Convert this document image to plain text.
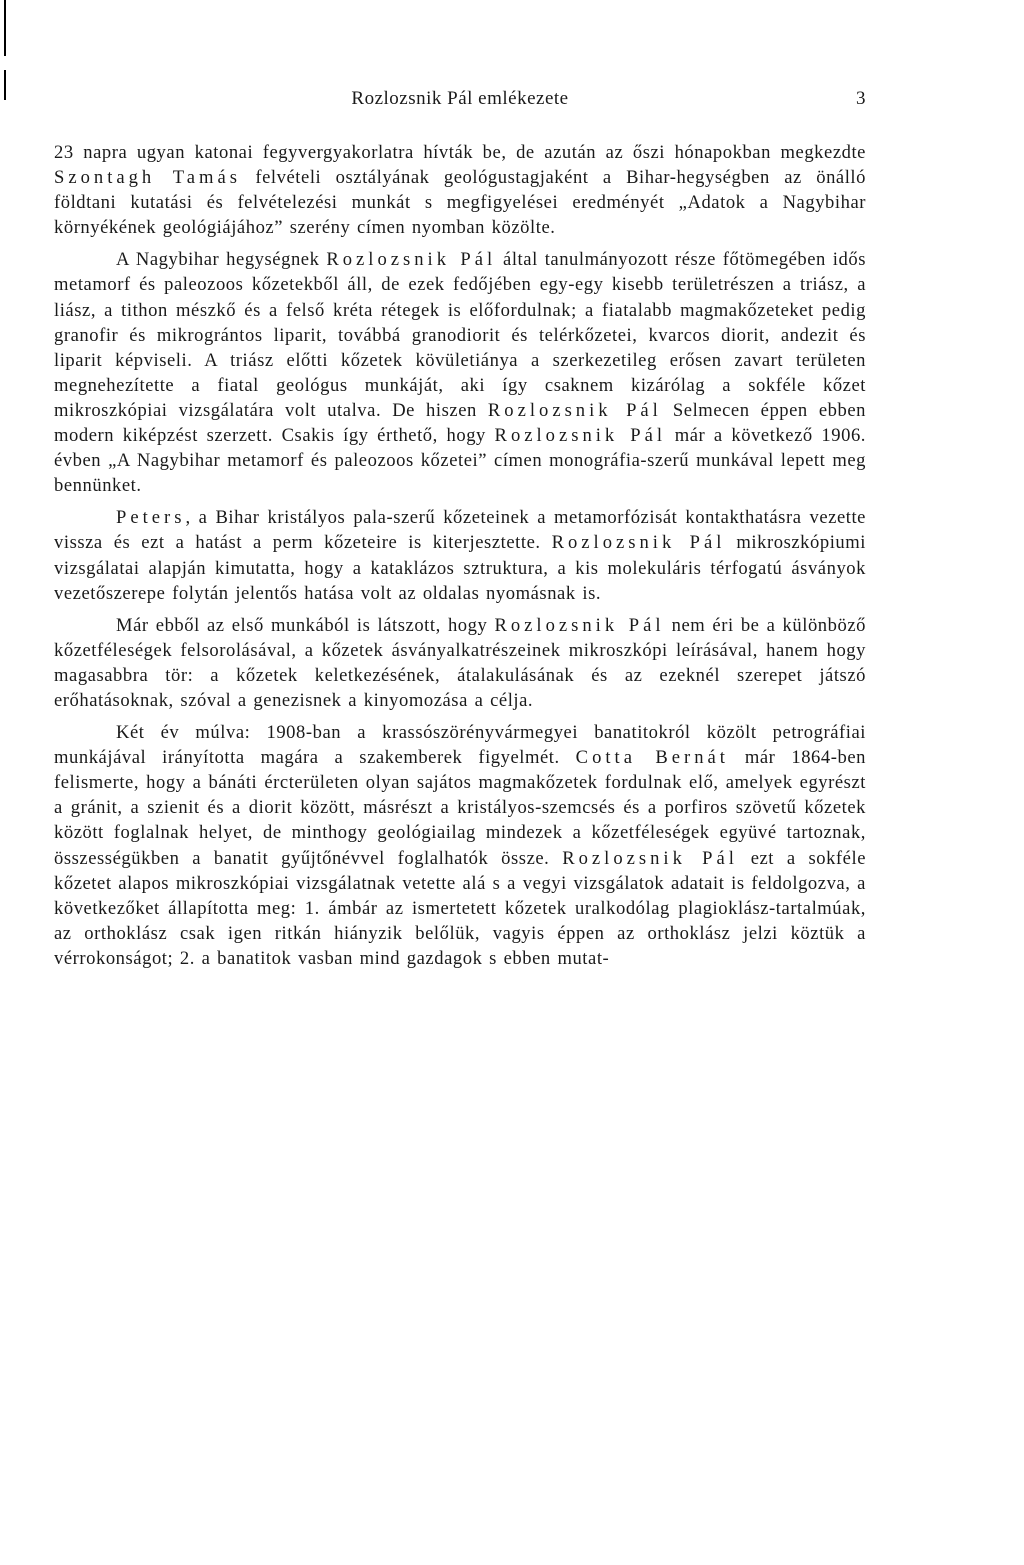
Rozlozsnik Pál emlékezete	3

23 napra ugyan katonai fegyvergyakorlatra hívták be, de azután az őszi hónapokban megkezdte Szontagh Tamás felvételi osztályának geológustagjaként a Bihar-hegységben az önálló földtani kutatási és felvételezési munkát s megfigyelései eredményét „Adatok a Nagybihar környékének geológiájához” szerény címen nyomban közölte.

A Nagybihar hegységnek Rozlozsnik Pál által tanulmányozott része főtömegében idős metamorf és paleozoos kőzetekből áll, de ezek fedőjében egy-egy kisebb területrészen a triász, a liász, a tithon mészkő és a felső kréta rétegek is előfordulnak; a fiatalabb magmakőzeteket pedig granofir és mikrográntos liparit, továbbá granodiorit és telérkőzetei, kvarcos diorit, andezit és liparit képviseli. A triász előtti kőzetek kövületiánya a szerkezetileg erősen zavart területen megnehezítette a fiatal geológus munkáját, aki így csaknem kizárólag a sokféle kőzet mikroszkópiai vizsgálatára volt utalva. De hiszen Rozlozsnik Pál Selmecen éppen ebben modern kiképzést szerzett. Csakis így érthető, hogy Rozlozsnik Pál már a következő 1906. évben „A Nagybihar metamorf és paleozoos kőzetei” címen monográfia-szerű munkával lepett meg bennünket.

Peters, a Bihar kristályos pala-szerű kőzeteinek a metamorfózisát kontakthatásra vezette vissza és ezt a hatást a perm kőzeteire is kiterjesztette. Rozlozsnik Pál mikroszkópiumi vizsgálatai alapján kimutatta, hogy a kataklázos sztruktura, a kis molekuláris térfogatú ásványok vezetőszerepe folytán jelentős hatása volt az oldalas nyomásnak is.

Már ebből az első munkából is látszott, hogy Rozlozsnik Pál nem éri be a különböző kőzetféleségek felsorolásával, a kőzetek ásványalkatrészeinek mikroszkópi leírásával, hanem hogy magasabbra tör: a kőzetek keletkezésének, átalakulásának és az ezeknél szerepet játszó erőhatásoknak, szóval a genezisnek a kinyomozása a célja.

Két év múlva: 1908-ban a krassószörényvármegyei banatitokról közölt petrográfiai munkájával irányította magára a szakemberek figyelmét. Cotta Bernát már 1864-ben felismerte, hogy a bánáti ércterületen olyan sajátos magmakőzetek fordulnak elő, amelyek egyrészt a gránit, a szienit és a diorit között, másrészt a kristályos-szemcsés és a porfiros szövetű kőzetek között foglalnak helyet, de minthogy geológiailag mindezek a kőzetféleségek együvé tartoznak, összességükben a banatit gyűjtőnévvel foglalhatók össze. Rozlozsnik Pál ezt a sokféle kőzetet alapos mikroszkópiai vizsgálatnak vetette alá s a vegyi vizsgálatok adatait is feldolgozva, a következőket állapította meg: 1. ámbár az ismertetett kőzetek uralkodólag plagioklász-tartalmúak, az orthoklász csak igen ritkán hiányzik belőlük, vagyis éppen az orthoklász jelzi köztük a vérrokonságot; 2. a banatitok vasban mind gazdagok s ebben mutat-
